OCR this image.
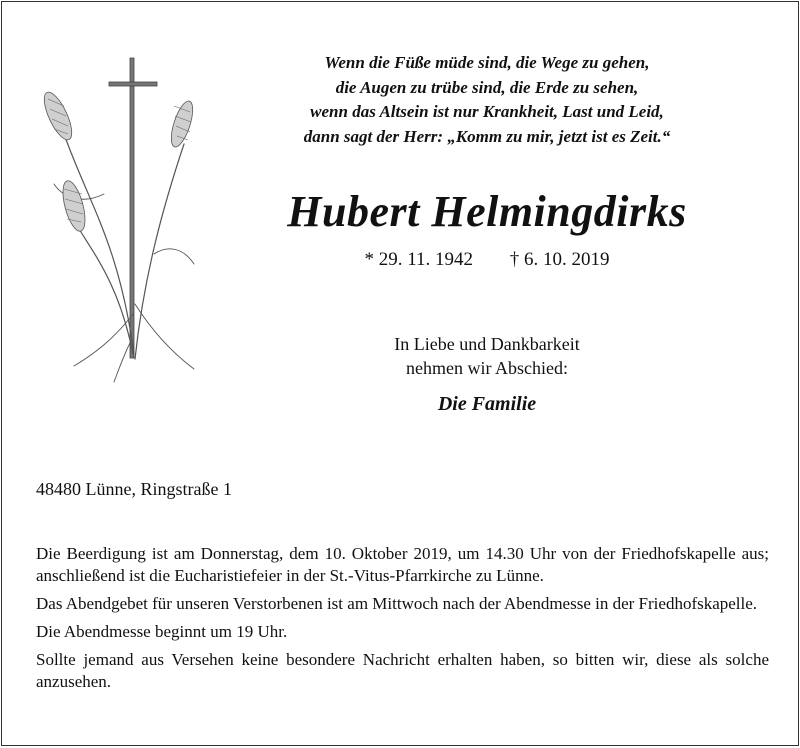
Wenn die Füße müde sind, die Wege zu gehen,
die Augen zu trübe sind, die Erde zu sehen,
wenn das Altsein ist nur Krankheit, Last und Leid,
dann sagt der Herr: „Komm zu mir, jetzt ist es Zeit.“
Hubert Helmingdirks
* 29. 11. 1942 † 6. 10. 2019
In Liebe und Dankbarkeit
nehmen wir Abschied:
Die Familie
48480 Lünne, Ringstraße 1

Die Beerdigung ist am Donnerstag, dem 10. Oktober 2019, um 14.30 Uhr von der Friedhofskapelle aus; anschließend ist die Eucharistiefeier in der St.-Vitus-Pfarrkirche zu Lünne.

Das Abendgebet für unseren Verstorbenen ist am Mittwoch nach der Abendmesse in der Friedhofskapelle.

Die Abendmesse beginnt um 19 Uhr.

Sollte jemand aus Versehen keine besondere Nachricht erhalten haben, so bitten wir, diese als solche anzusehen.
